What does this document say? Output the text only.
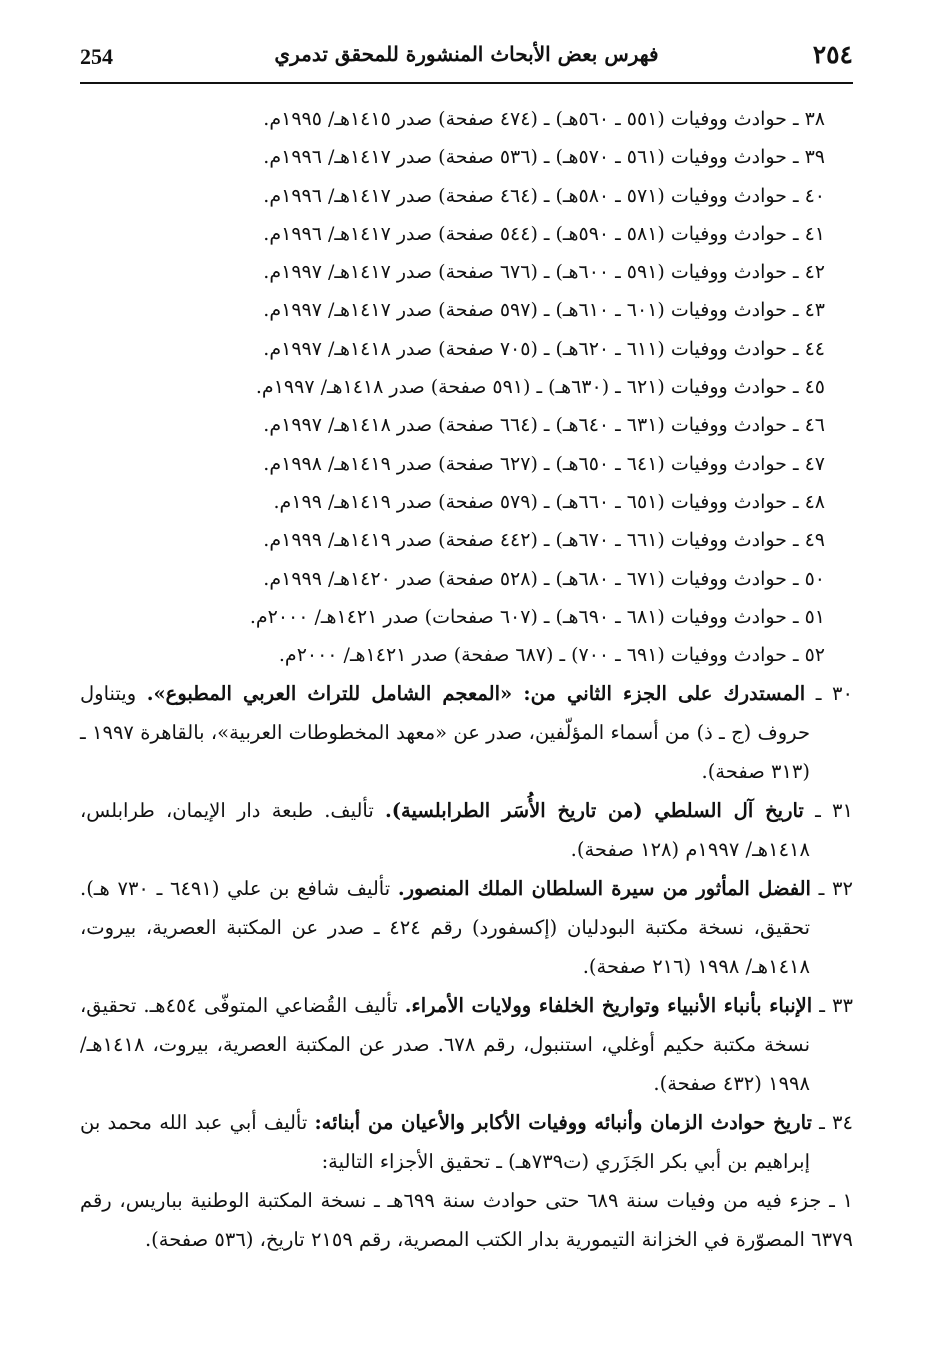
254	فهرس بعض الأبحاث المنشورة للمحقق تدمري	٢٥٤
٣٨ ـ حوادث ووفيات (٥٥١ ـ ٥٦٠هـ) ـ (٤٧٤ صفحة) صدر ١٤١٥هـ/ ١٩٩٥م.
٣٩ ـ حوادث ووفيات (٥٦١ ـ ٥٧٠هـ) ـ (٥٣٦ صفحة) صدر ١٤١٧هـ/ ١٩٩٦م.
٤٠ ـ حوادث ووفيات (٥٧١ ـ ٥٨٠هـ) ـ (٤٦٤ صفحة) صدر ١٤١٧هـ/ ١٩٩٦م.
٤١ ـ حوادث ووفيات (٥٨١ ـ ٥٩٠هـ) ـ (٥٤٤ صفحة) صدر ١٤١٧هـ/ ١٩٩٦م.
٤٢ ـ حوادث ووفيات (٥٩١ ـ ٦٠٠هـ) ـ (٦٧٦ صفحة) صدر ١٤١٧هـ/ ١٩٩٧م.
٤٣ ـ حوادث ووفيات (٦٠١ ـ ٦١٠هـ) ـ (٥٩٧ صفحة) صدر ١٤١٧هـ/ ١٩٩٧م.
٤٤ ـ حوادث ووفيات (٦١١ ـ ٦٢٠هـ) ـ (٧٠٥ صفحة) صدر ١٤١٨هـ/ ١٩٩٧م.
٤٥ ـ حوادث ووفيات (٦٢١ ـ (٦٣٠هـ) ـ (٥٩١ صفحة) صدر ١٤١٨هـ/ ١٩٩٧م.
٤٦ ـ حوادث ووفيات (٦٣١ ـ ٦٤٠هـ) ـ (٦٦٤ صفحة) صدر ١٤١٨هـ/ ١٩٩٧م.
٤٧ ـ حوادث ووفيات (٦٤١ ـ ٦٥٠هـ) ـ (٦٢٧ صفحة) صدر ١٤١٩هـ/ ١٩٩٨م.
٤٨ ـ حوادث ووفيات (٦٥١ ـ ٦٦٠هـ) ـ (٥٧٩ صفحة) صدر ١٤١٩هـ/ ١٩٩م.
٤٩ ـ حوادث ووفيات (٦٦١ ـ ٦٧٠هـ) ـ (٤٤٢ صفحة) صدر ١٤١٩هـ/ ١٩٩٩م.
٥٠ ـ حوادث ووفيات (٦٧١ ـ ٦٨٠هـ) ـ (٥٢٨ صفحة) صدر ١٤٢٠هـ/ ١٩٩٩م.
٥١ ـ حوادث ووفيات (٦٨١ ـ ٦٩٠هـ) ـ (٦٠٧ صفحات) صدر ١٤٢١هـ/ ٢٠٠٠م.
٥٢ ـ حوادث ووفيات (٦٩١ ـ ٧٠٠) ـ (٦٨٧ صفحة) صدر ١٤٢١هـ/ ٢٠٠٠م.

٣٠ ـ المستدرك على الجزء الثاني من: «المعجم الشامل للتراث العربي المطبوع». ويتناول حروف (ج ـ ذ) من أسماء المؤلّفين، صدر عن «معهد المخطوطات العربية»، بالقاهرة ١٩٩٧ ـ (٣١٣ صفحة).

٣١ ـ تاريخ آل السلطي (من تاريخ الأُسَر الطرابلسية). تأليف. طبعة دار الإيمان، طرابلس، ١٤١٨هـ/ ١٩٩٧م (١٢٨ صفحة).

٣٢ ـ الفضل المأثور من سيرة السلطان الملك المنصور. تأليف شافع بن علي (٦٤٩١ ـ ٧٣٠ هـ). تحقيق، نسخة مكتبة البودليان (إكسفورد) رقم ٤٢٤ ـ صدر عن المكتبة العصرية، بيروت، ١٤١٨هـ/ ١٩٩٨ (٢١٦ صفحة).

٣٣ ـ الإنباء بأنباء الأنبياء وتواريخ الخلفاء وولايات الأمراء. تأليف القُضاعي المتوفّى ٤٥٤هـ. تحقيق، نسخة مكتبة حكيم أوغلي، استنبول، رقم ٦٧٨. صدر عن المكتبة العصرية، بيروت، ١٤١٨هـ/ ١٩٩٨ (٤٣٢ صفحة).

٣٤ ـ تاريخ حوادث الزمان وأنبائه ووفيات الأكابر والأعيان من أبنائه: تأليف أبي عبد الله محمد بن إبراهيم بن أبي بكر الجَزَري (ت٧٣٩هـ) ـ تحقيق الأجزاء التالية:

١ ـ جزء فيه من وفيات سنة ٦٨٩ حتى حوادث سنة ٦٩٩هـ ـ نسخة المكتبة الوطنية بباريس، رقم ٦٣٧٩ المصوّرة في الخزانة التيمورية بدار الكتب المصرية، رقم ٢١٥٩ تاريخ، (٥٣٦ صفحة).
